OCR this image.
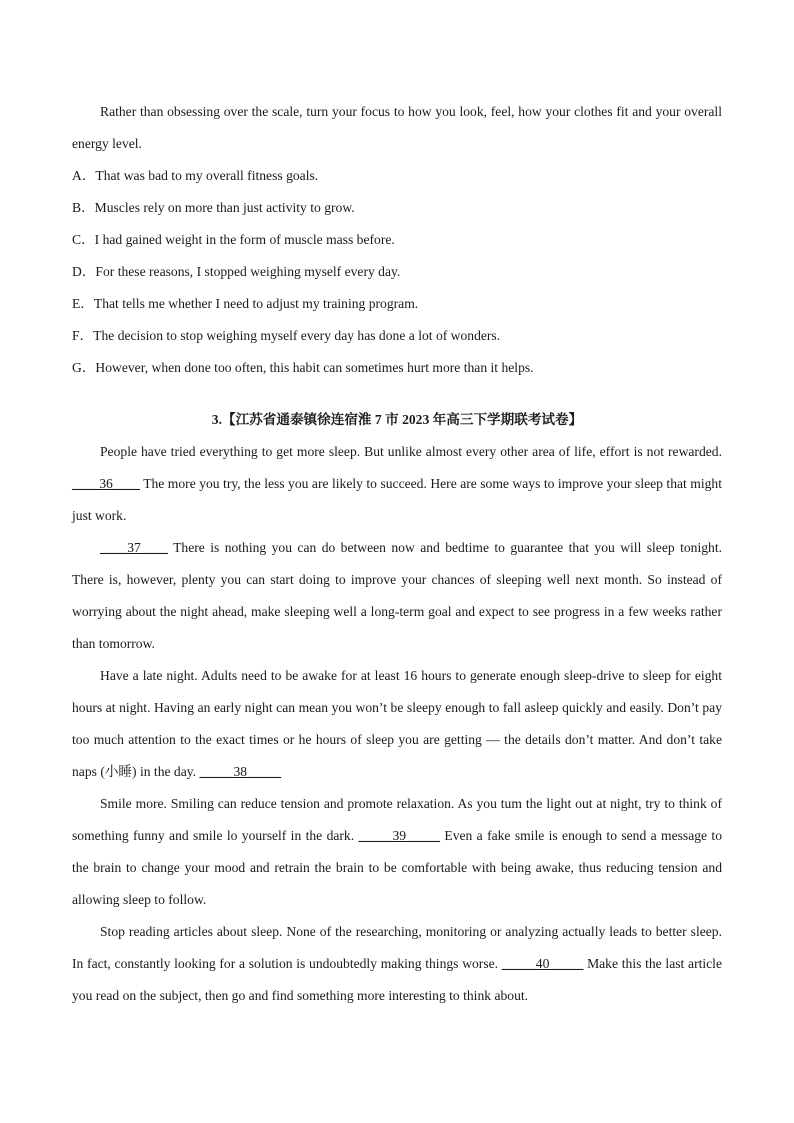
Rather than obsessing over the scale, turn your focus to how you look, feel, how your clothes fit and your overall energy level.

A．That was bad to my overall fitness goals.

B．Muscles rely on more than just activity to grow.

C．I had gained weight in the form of muscle mass before.

D．For these reasons, I stopped weighing myself every day.

E．That tells me whether I need to adjust my training program.

F．The decision to stop weighing myself every day has done a lot of wonders.

G．However, when done too often, this habit can sometimes hurt more than it helps.

3.【江苏省通泰镇徐连宿淮 7 市 2023 年高三下学期联考试卷】

People have tried everything to get more sleep. But unlike almost every other area of life, effort is not rewarded. ____36____ The more you try, the less you are likely to succeed. Here are some ways to improve your sleep that might just work.

____37____ There is nothing you can do between now and bedtime to guarantee that you will sleep tonight. There is, however, plenty you can start doing to improve your chances of sleeping well next month. So instead of worrying about the night ahead, make sleeping well a long-term goal and expect to see progress in a few weeks rather than tomorrow.

Have a late night. Adults need to be awake for at least 16 hours to generate enough sleep-drive to sleep for eight hours at night. Having an early night can mean you won’t be sleepy enough to fall asleep quickly and easily. Don’t pay too much attention to the exact times or he hours of sleep you are getting — the details don’t matter. And don’t take naps (小睡) in the day. _____38_____

Smile more. Smiling can reduce tension and promote relaxation. As you tum the light out at night, try to think of something funny and smile lo yourself in the dark. _____39_____ Even a fake smile is enough to send a message to the brain to change your mood and retrain the brain to be comfortable with being awake, thus reducing tension and allowing sleep to follow.

Stop reading articles about sleep. None of the researching, monitoring or analyzing actually leads to better sleep. In fact, constantly looking for a solution is undoubtedly making things worse. _____40_____ Make this the last article you read on the subject, then go and find something more interesting to think about.
